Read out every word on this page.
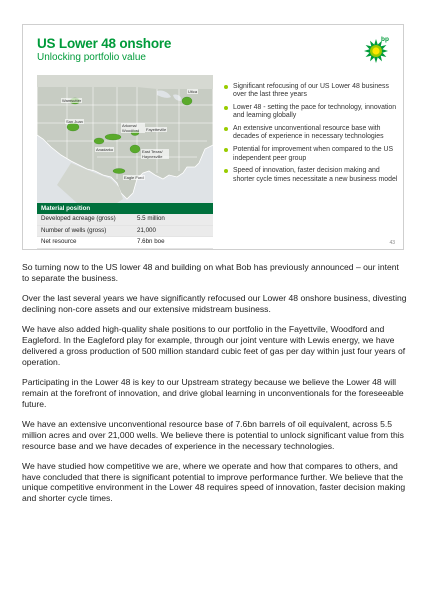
US Lower 48 onshore
Unlocking portfolio value
bp
Wamsutter
San Juan
Arkoma/ Woodford	Fayetteville
Anadarko	East Texas/ Haynesville
Eagle Ford
Utica
Material position
Developed acreage (gross)	5.5 million
Number of wells (gross)	21,000
Net resource	7.6bn boe
Significant refocusing of our US Lower 48 business over the last three years
Lower 48 - setting the pace for technology, innovation and learning globally
An extensive unconventional resource base with decades of experience in necessary technologies
Potential for improvement when compared to the US independent peer group
Speed of innovation, faster decision making and shorter cycle times necessitate a new business model
43

So turning now to the US lower 48 and building on what Bob has previously announced – our intent to separate the business.

Over the last several years we have significantly refocused our Lower 48 onshore business, divesting declining non-core assets and our extensive midstream business.

We have also added high-quality shale positions to our portfolio in the Fayettvile, Woodford and Eagleford. In the Eagleford play for example, through our joint venture with Lewis energy, we have delivered a gross production of 500 million standard cubic feet of gas per day within just four years of operation.

Participating in the Lower 48 is key to our Upstream strategy because we believe the Lower 48 will remain at the forefront of innovation, and drive global learning in unconventionals for the foreseeable future.

We have an extensive unconventional resource base of 7.6bn barrels of oil equivalent, across 5.5 million acres and over 21,000 wells. We believe there is potential to unlock significant value from this resource base and we have decades of experience in the necessary technologies.

We have studied how competitive we are, where we operate and how that compares to others, and have concluded that there is significant potential to improve performance further. We believe that the unique competitive environment in the Lower 48 requires speed of innovation, faster decision making and shorter cycle times.
